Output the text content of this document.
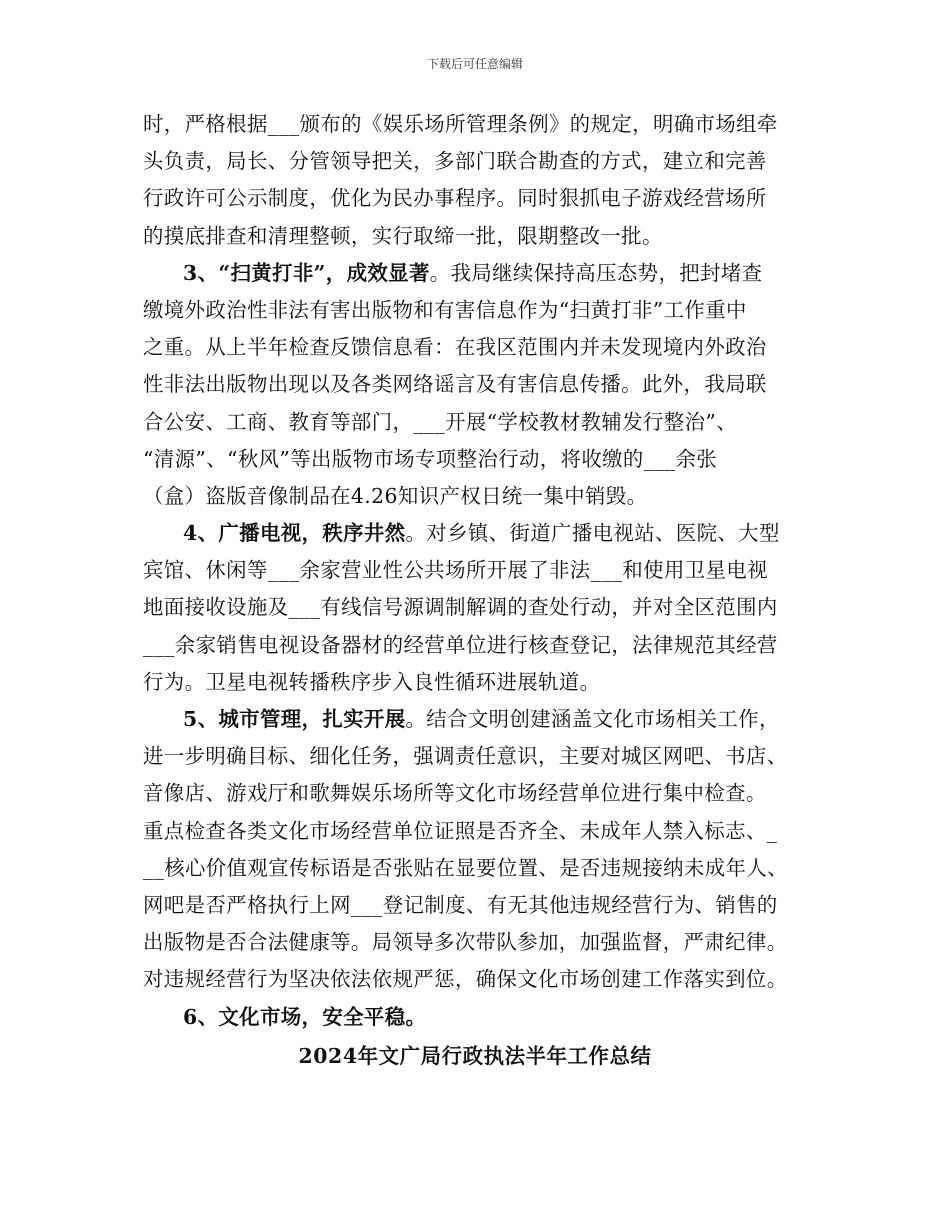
下载后可任意编辑
时，严格根据___颁布的《娱乐场所管理条例》的规定，明确市场组牵
头负责，局长、分管领导把关，多部门联合勘查的方式，建立和完善
行政许可公示制度，优化为民办事程序。同时狠抓电子游戏经营场所
的摸底排查和清理整顿，实行取缔一批，限期整改一批。
3、“扫黄打非”，成效显著。我局继续保持高压态势，把封堵查
缴境外政治性非法有害出版物和有害信息作为“扫黄打非”工作重中
之重。从上半年检查反馈信息看：在我区范围内并未发现境内外政治
性非法出版物出现以及各类网络谣言及有害信息传播。此外，我局联
合公安、工商、教育等部门，___开展“学校教材教辅发行整治”、
“清源”、“秋风”等出版物市场专项整治行动，将收缴的___余张
（盒）盗版音像制品在4.26知识产权日统一集中销毁。
4、广播电视，秩序井然。对乡镇、街道广播电视站、医院、大型
宾馆、休闲等___余家营业性公共场所开展了非法___和使用卫星电视
地面接收设施及___有线信号源调制解调的查处行动，并对全区范围内
___余家销售电视设备器材的经营单位进行核查登记，法律规范其经营
行为。卫星电视转播秩序步入良性循环进展轨道。
5、城市管理，扎实开展。结合文明创建涵盖文化市场相关工作，
进一步明确目标、细化任务，强调责任意识，主要对城区网吧、书店、
音像店、游戏厅和歌舞娱乐场所等文化市场经营单位进行集中检查。
重点检查各类文化市场经营单位证照是否齐全、未成年人禁入标志、_
__核心价值观宣传标语是否张贴在显要位置、是否违规接纳未成年人、
网吧是否严格执行上网___登记制度、有无其他违规经营行为、销售的
出版物是否合法健康等。局领导多次带队参加，加强监督，严肃纪律。
对违规经营行为坚决依法依规严惩，确保文化市场创建工作落实到位。
6、文化市场，安全平稳。
2024年文广局行政执法半年工作总结
